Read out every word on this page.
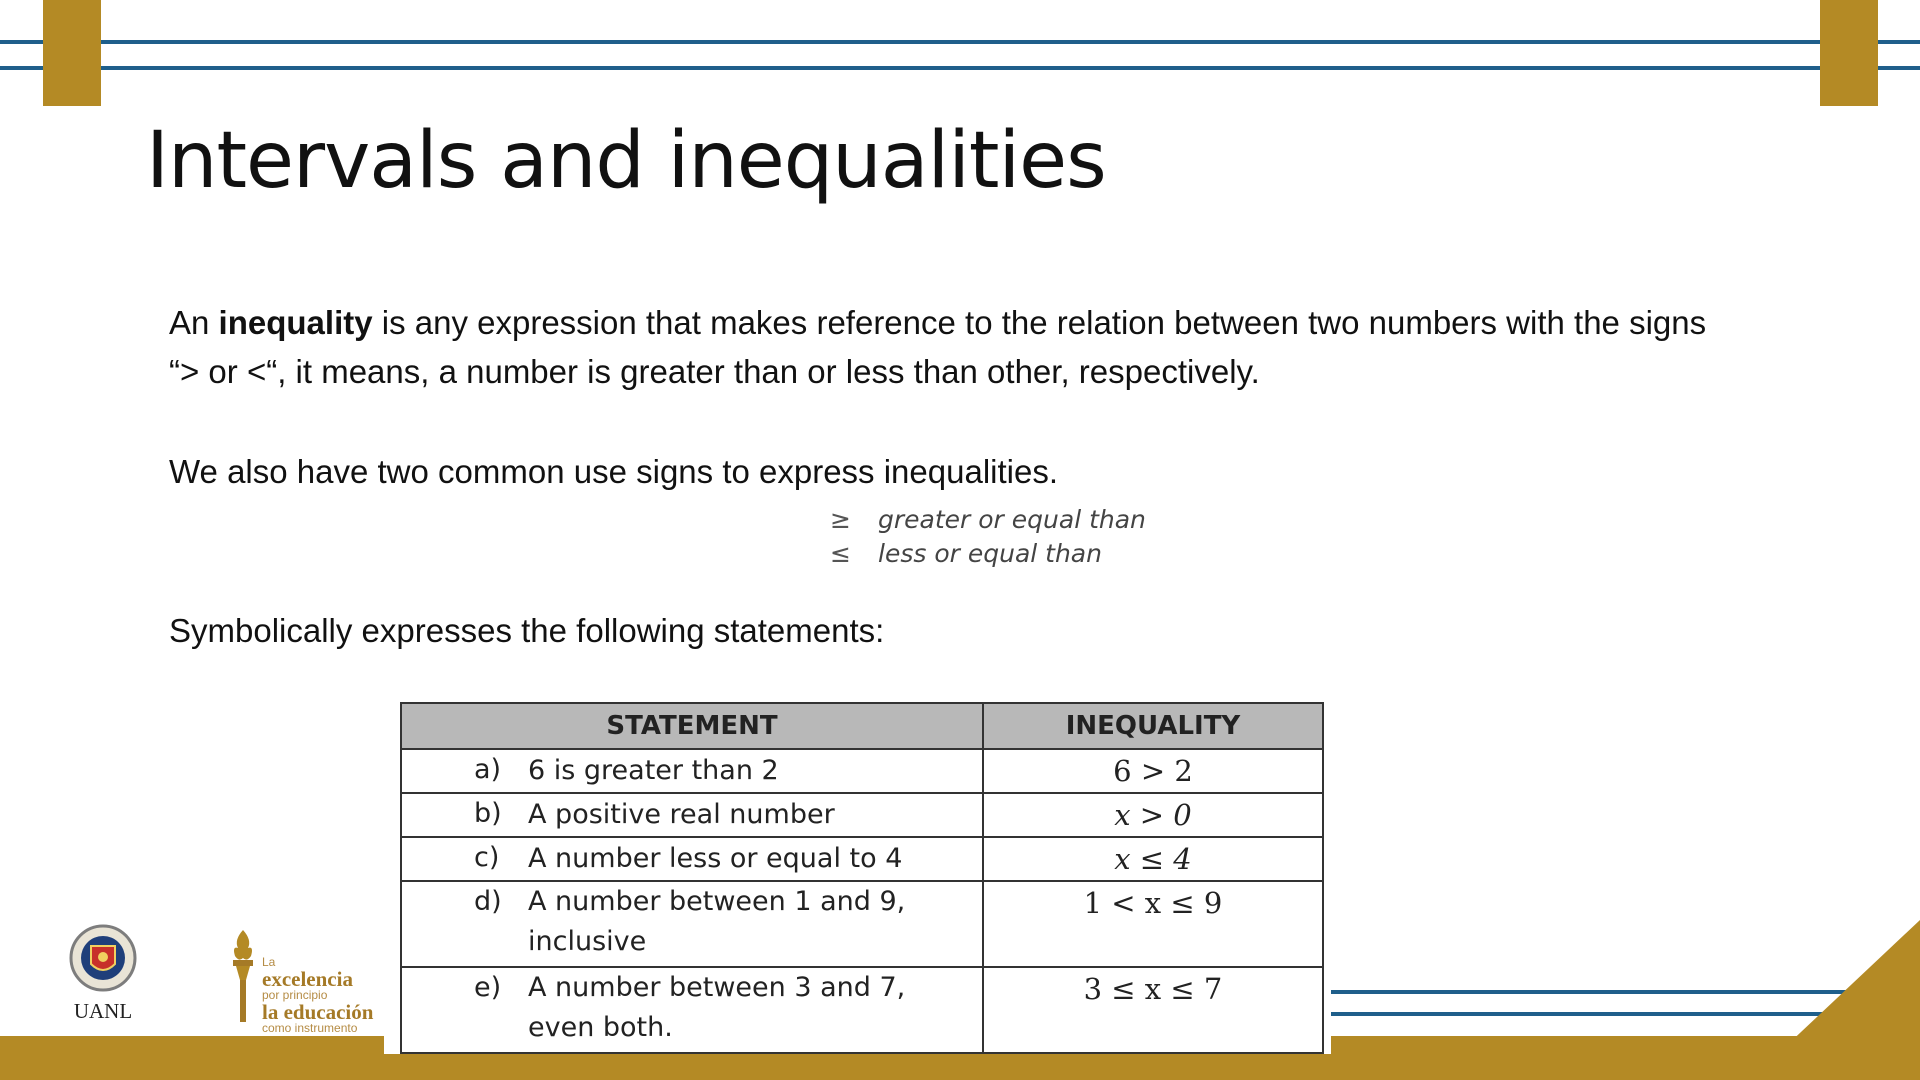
Intervals and inequalities
An inequality is any expression that makes reference to the relation between two numbers with the signs “> or <“, it means, a number is greater than or less than other, respectively.
We also have two common use signs to express inequalities.
≥ greater or equal than
≤ less or equal than
Symbolically expresses the following statements:
STATEMENT	INEQUALITY

a) 6 is greater than 2	6 > 2

b) A positive real number	x > 0

c) A number less or equal to 4	x ≤ 4

d) A number between 1 and 9, inclusive	1 < x ≤ 9

e) A number between 3 and 7, even both.	3 ≤ x ≤ 7
UANL
La
excelencia
por principio
la educación
como instrumento
